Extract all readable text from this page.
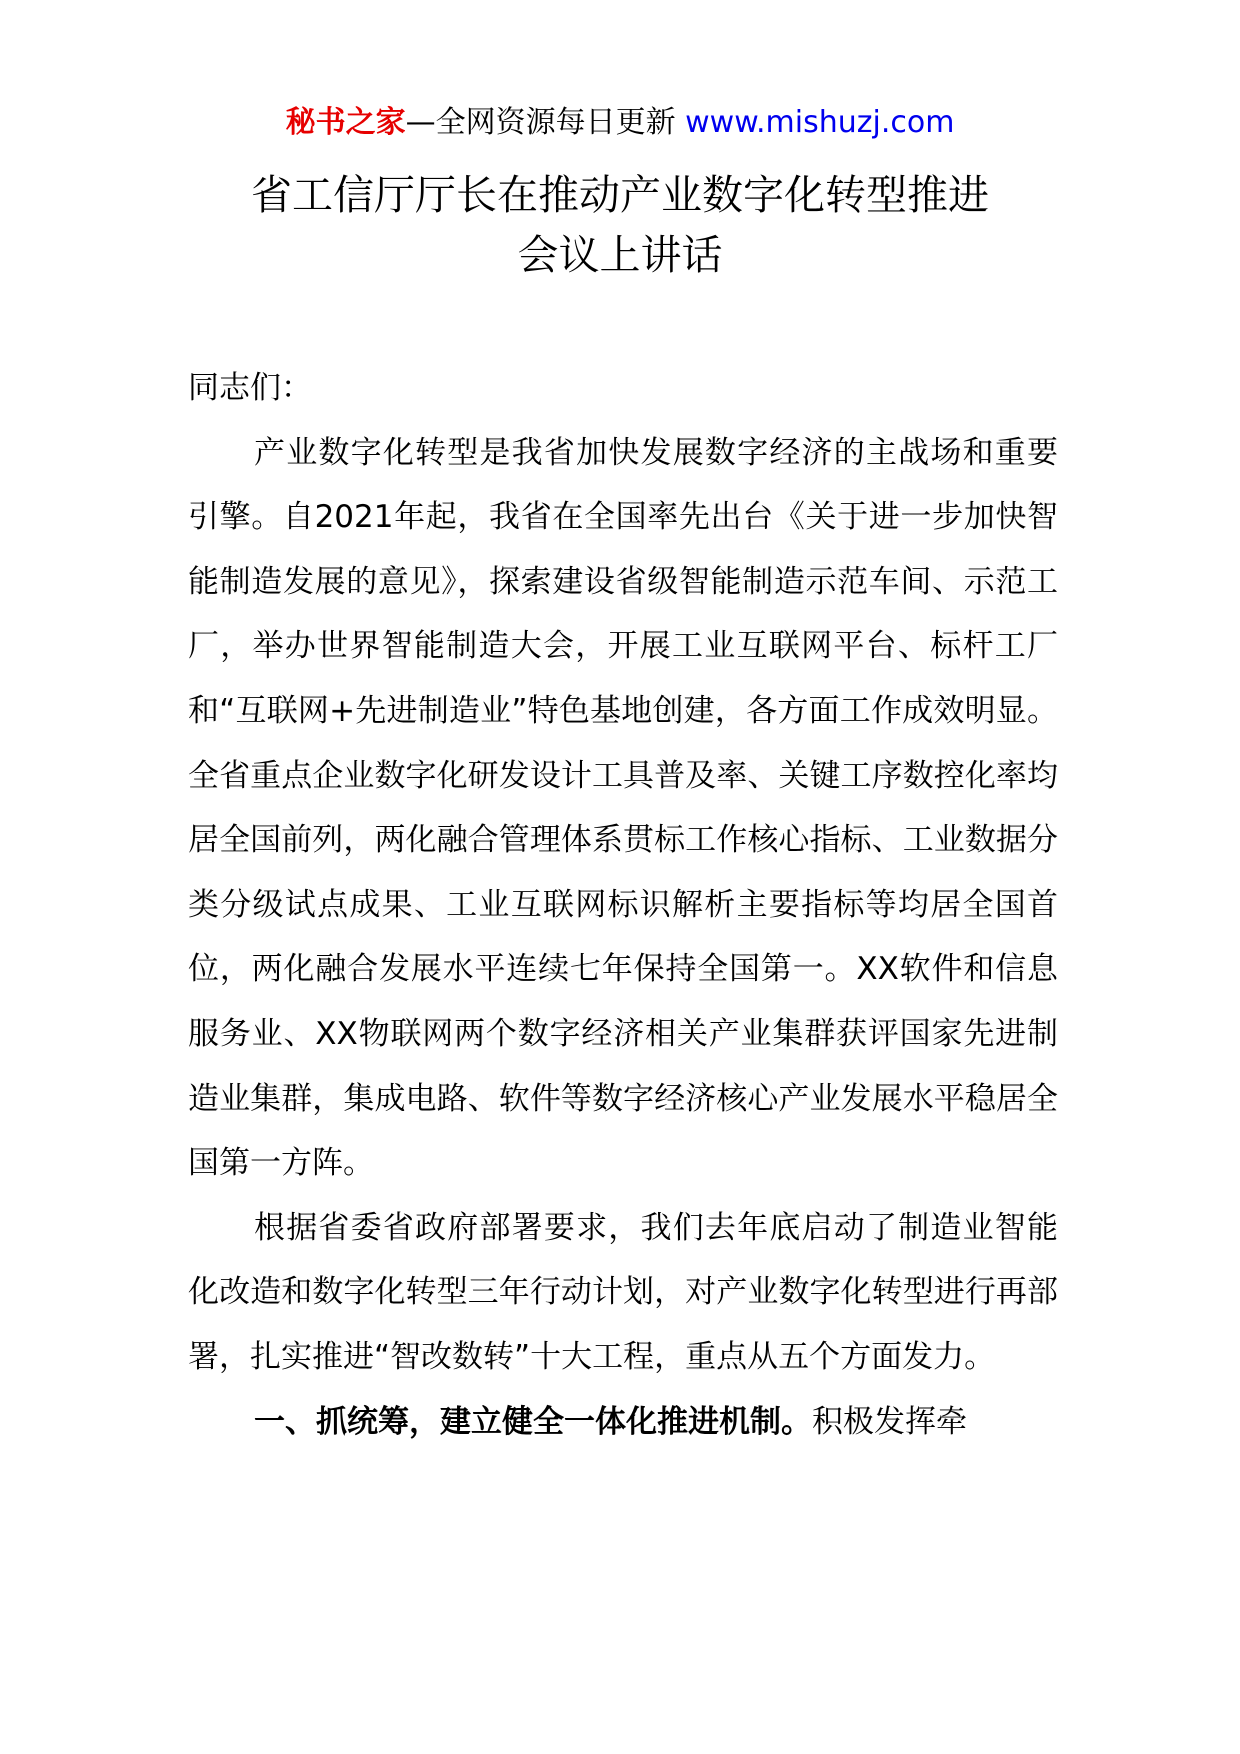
秘书之家—全网资源每日更新 www.mishuzj.com
省工信厅厅长在推动产业数字化转型推进
会议上讲话

同志们：

产业数字化转型是我省加快发展数字经济的主战场和重要引擎。自2021年起，我省在全国率先出台《关于进一步加快智能制造发展的意见》，探索建设省级智能制造示范车间、示范工厂，举办世界智能制造大会，开展工业互联网平台、标杆工厂和“互联网+先进制造业”特色基地创建，各方面工作成效明显。全省重点企业数字化研发设计工具普及率、关键工序数控化率均居全国前列，两化融合管理体系贯标工作核心指标、工业数据分类分级试点成果、工业互联网标识解析主要指标等均居全国首位，两化融合发展水平连续七年保持全国第一。XX软件和信息服务业、XX物联网两个数字经济相关产业集群获评国家先进制造业集群，集成电路、软件等数字经济核心产业发展水平稳居全国第一方阵。

根据省委省政府部署要求，我们去年底启动了制造业智能化改造和数字化转型三年行动计划，对产业数字化转型进行再部署，扎实推进“智改数转”十大工程，重点从五个方面发力。

一、抓统筹，建立健全一体化推进机制。积极发挥牵
